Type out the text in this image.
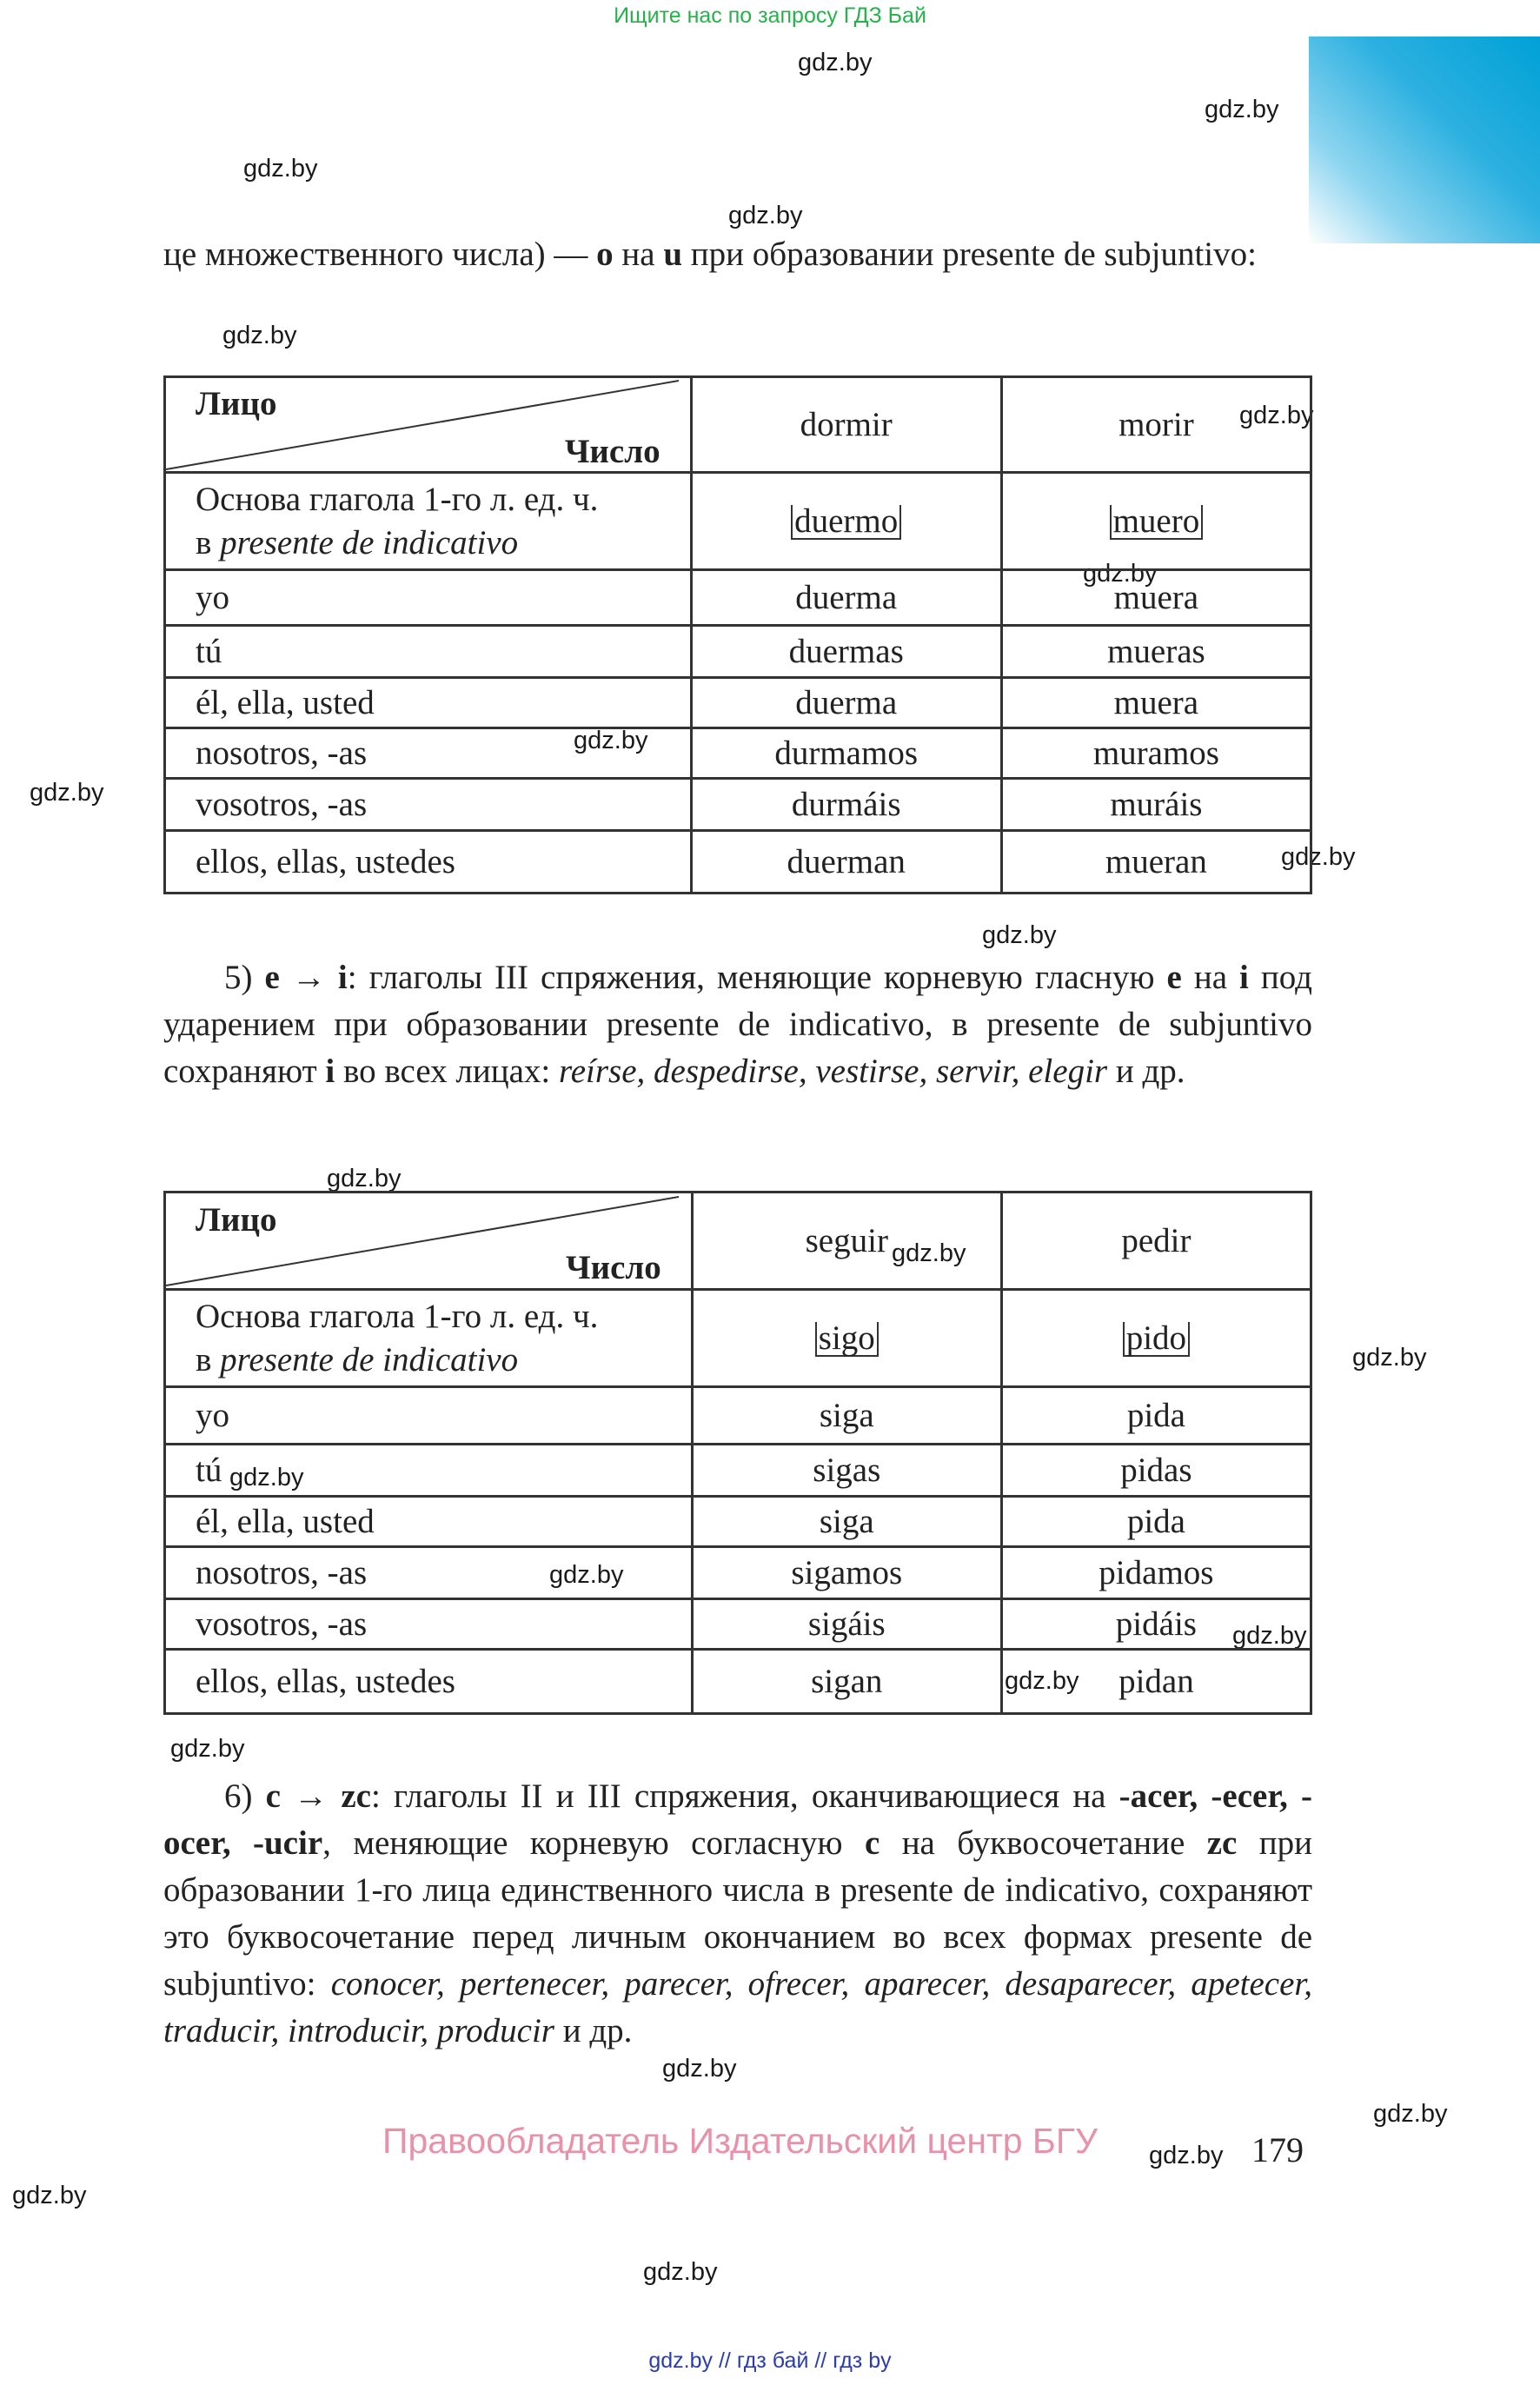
Ищите нас по запросу ГДЗ Бай
gdz.by
gdz.by
gdz.by
gdz.by
gdz.by
gdz.by
gdz.by
gdz.by
gdz.by
gdz.by
gdz.by
gdz.by
gdz.by
gdz.by
gdz.by
gdz.by
gdz.by
gdz.by
gdz.by
gdz.by
gdz.by
gdz.by
gdz.by
gdz.by
це множественного числа) — o на u при образовании presente de subjuntivo:
Лицо
Число	dormir	morir
Основа глагола 1-го л. ед. ч.
в presente de indicativo	duermo	muero
yo	duerma	muera
tú	duermas	mueras
él, ella, usted	duerma	muera
nosotros, -as	durmamos	muramos
vosotros, -as	durmáis	muráis
ellos, ellas, ustedes	duerman	mueran
5) e → i: глаголы III спряжения, меняющие корневую гласную e на i под ударением при образовании presente de indicativo, в presente de subjuntivo сохраняют i во всех лицах: reírse, despedirse, vestirse, servir, elegir и др.
Лицо
Число	seguir	pedir
Основа глагола 1-го л. ед. ч.
в presente de indicativo	sigo	pido
yo	siga	pida
tú	sigas	pidas
él, ella, usted	siga	pida
nosotros, -as	sigamos	pidamos
vosotros, -as	sigáis	pidáis
ellos, ellas, ustedes	sigan	pidan
6) c → zc: глаголы II и III спряжения, оканчивающиеся на -acer, -ecer, -ocer, -ucir, меняющие корневую согласную c на буквосочетание zc при образовании 1-го лица единственного числа в presente de indicativo, сохраняют это буквосочетание перед личным окончанием во всех формах presente de subjuntivo: conocer, pertenecer, parecer, ofrecer, aparecer, desaparecer, apetecer, traducir, introducir, producir и др.
Правообладатель Издательский центр БГУ	179
gdz.by // гдз бай // гдз by
